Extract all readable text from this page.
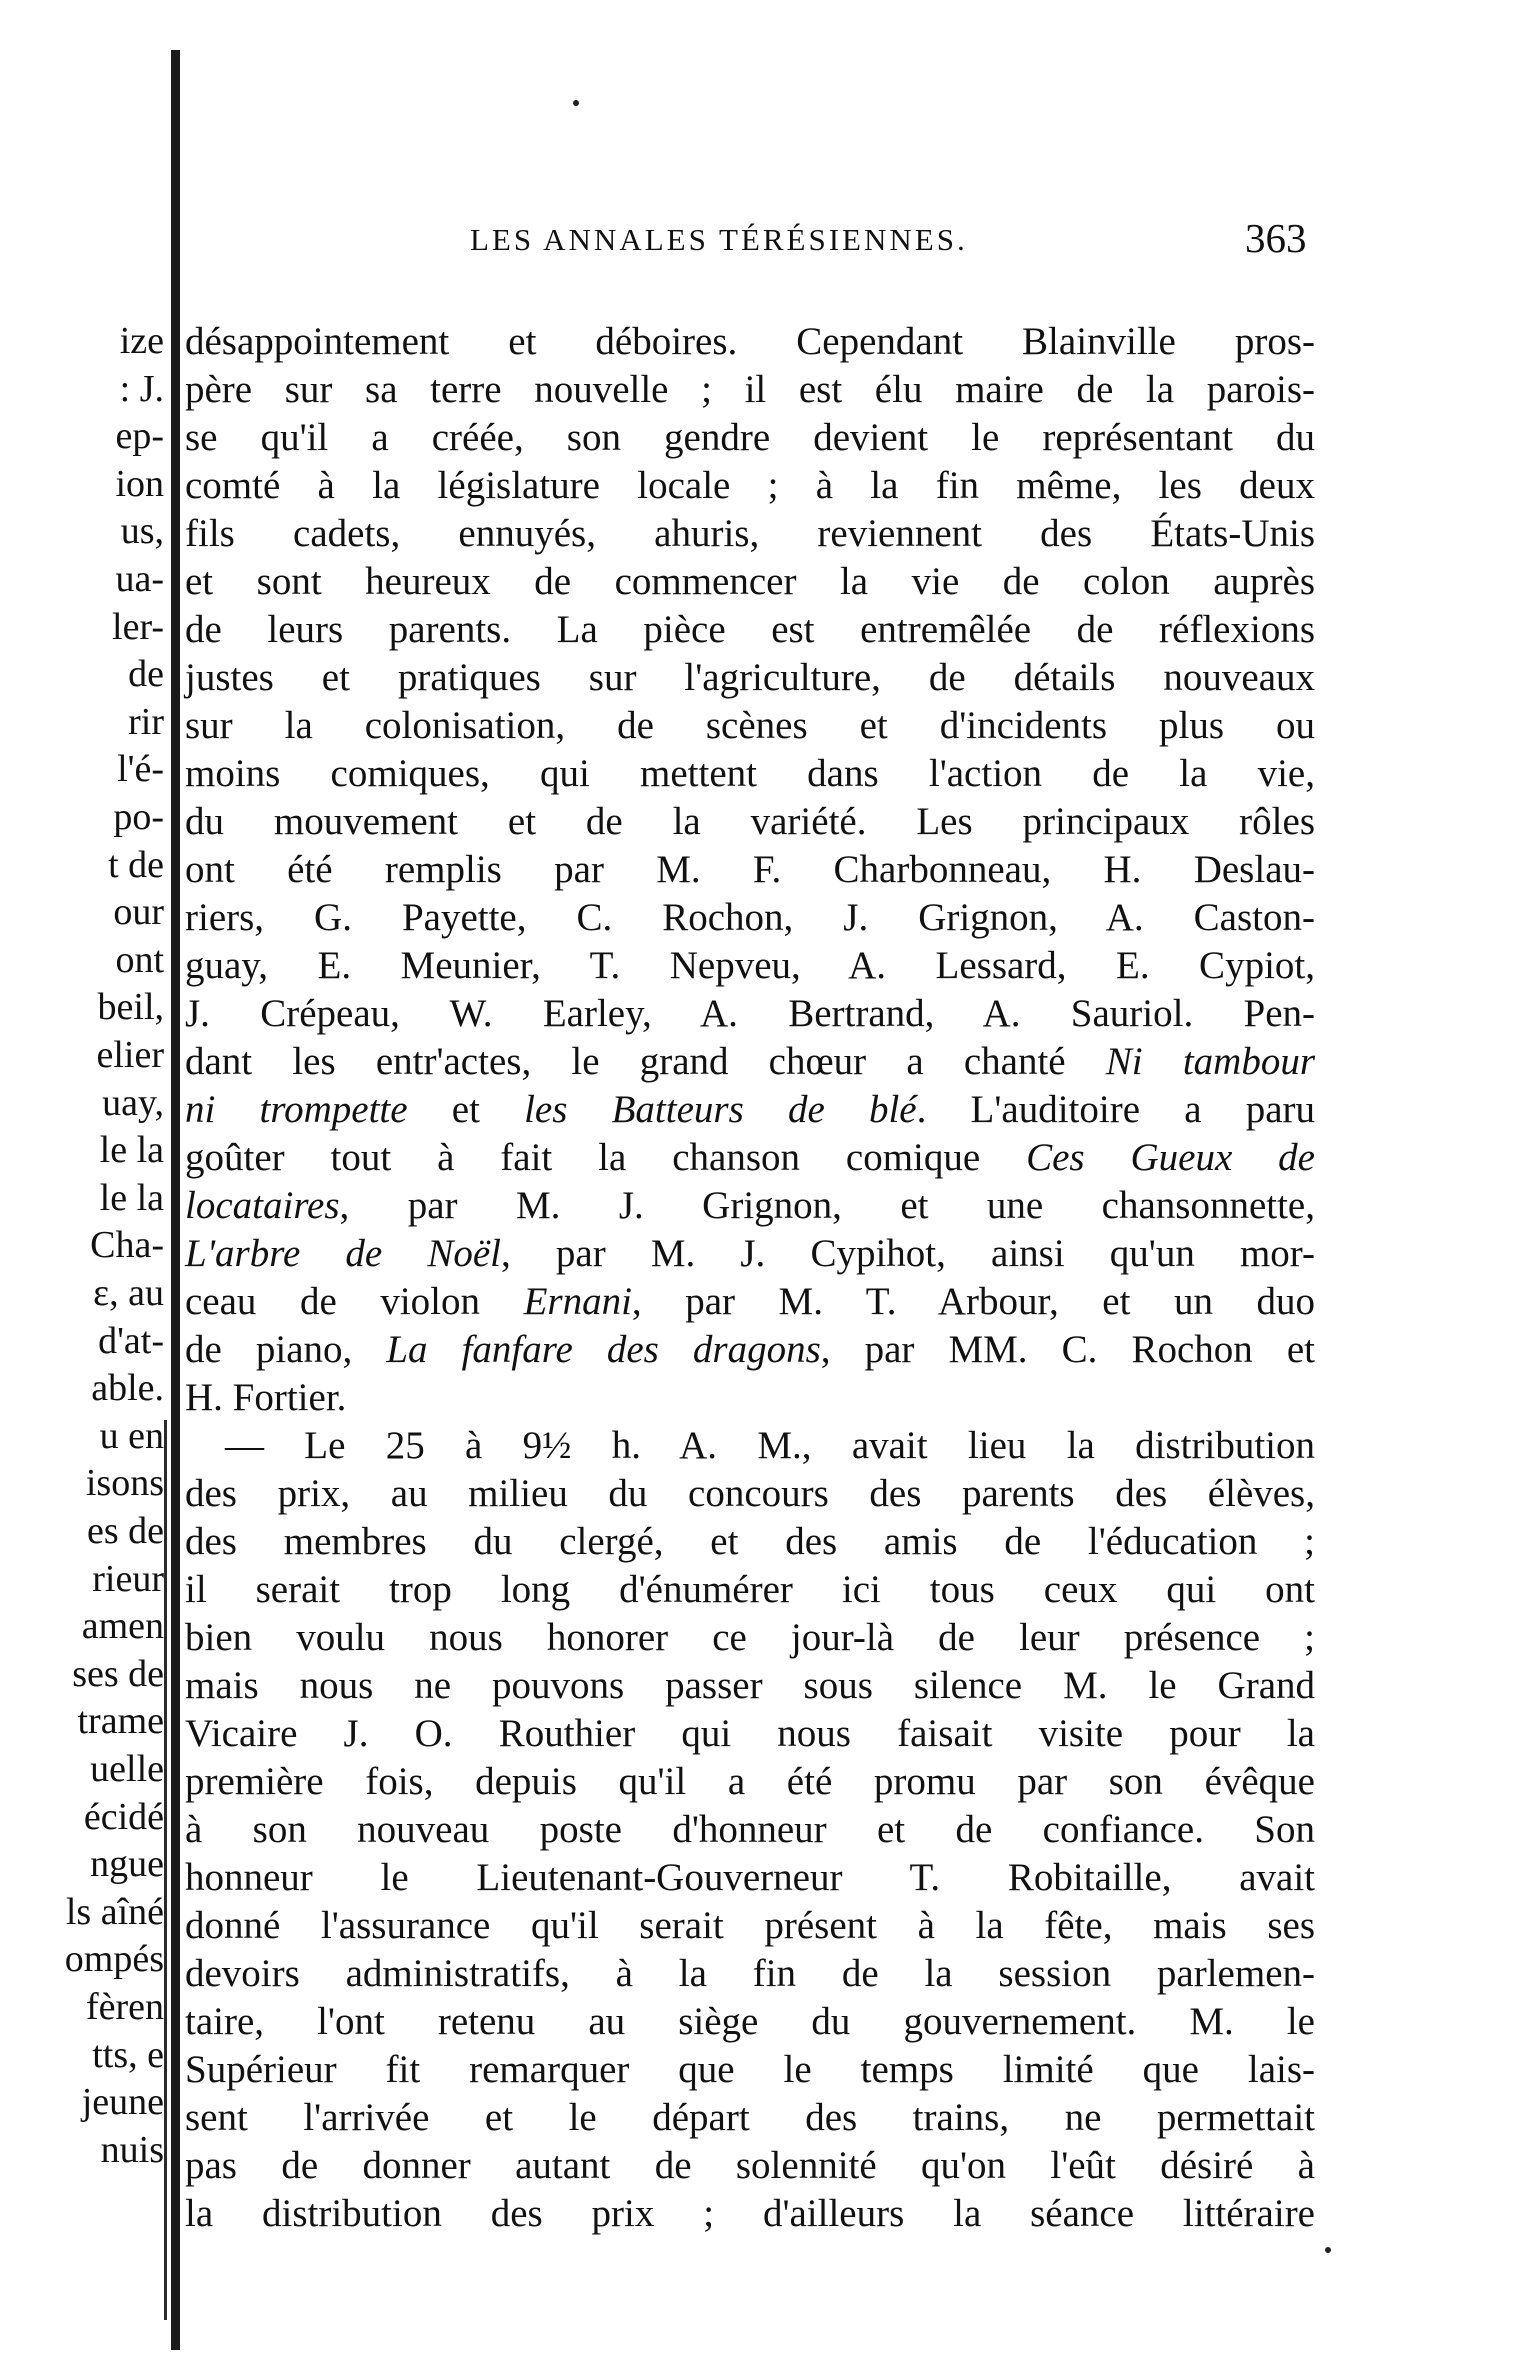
ize
: J.
ep-
ion
us,
ua-
ler-
de
rir
l'é-
po-
t de
our
ont
beil,
elier
uay,
le la
le la
Cha-
ε, au
d'at-
able.
u en
isons
es de
rieur
amen
ses de
trame
uelle
écidé
ngue
ls aîné
ompés
fèren
tts, e
jeune
nuis
LES ANNALES TÉRÉSIENNES.	363
désappointement et déboires. Cependant Blainville pros-
père sur sa terre nouvelle ; il est élu maire de la parois-
se qu'il a créée, son gendre devient le représentant du
comté à la législature locale ; à la fin même, les deux
fils cadets, ennuyés, ahuris, reviennent des États-Unis
et sont heureux de commencer la vie de colon auprès
de leurs parents. La pièce est entremêlée de réflexions
justes et pratiques sur l'agriculture, de détails nouveaux
sur la colonisation, de scènes et d'incidents plus ou
moins comiques, qui mettent dans l'action de la vie,
du mouvement et de la variété. Les principaux rôles
ont été remplis par M. F. Charbonneau, H. Deslau-
riers, G. Payette, C. Rochon, J. Grignon, A. Caston-
guay, E. Meunier, T. Nepveu, A. Lessard, E. Cypiot,
J. Crépeau, W. Earley, A. Bertrand, A. Sauriol. Pen-
dant les entr'actes, le grand chœur a chanté Ni tambour
ni trompette et les Batteurs de blé. L'auditoire a paru
goûter tout à fait la chanson comique Ces Gueux de
locataires, par M. J. Grignon, et une chansonnette,
L'arbre de Noël, par M. J. Cypihot, ainsi qu'un mor-
ceau de violon Ernani, par M. T. Arbour, et un duo
de piano, La fanfare des dragons, par MM. C. Rochon et
H. Fortier.
— Le 25 à 9½ h. A. M., avait lieu la distribution
des prix, au milieu du concours des parents des élèves,
des membres du clergé, et des amis de l'éducation ;
il serait trop long d'énumérer ici tous ceux qui ont
bien voulu nous honorer ce jour-là de leur présence ;
mais nous ne pouvons passer sous silence M. le Grand
Vicaire J. O. Routhier qui nous faisait visite pour la
première fois, depuis qu'il a été promu par son évêque
à son nouveau poste d'honneur et de confiance. Son
honneur le Lieutenant-Gouverneur T. Robitaille, avait
donné l'assurance qu'il serait présent à la fête, mais ses
devoirs administratifs, à la fin de la session parlemen-
taire, l'ont retenu au siège du gouvernement. M. le
Supérieur fit remarquer que le temps limité que lais-
sent l'arrivée et le départ des trains, ne permettait
pas de donner autant de solennité qu'on l'eût désiré à
la distribution des prix ; d'ailleurs la séance littéraire
